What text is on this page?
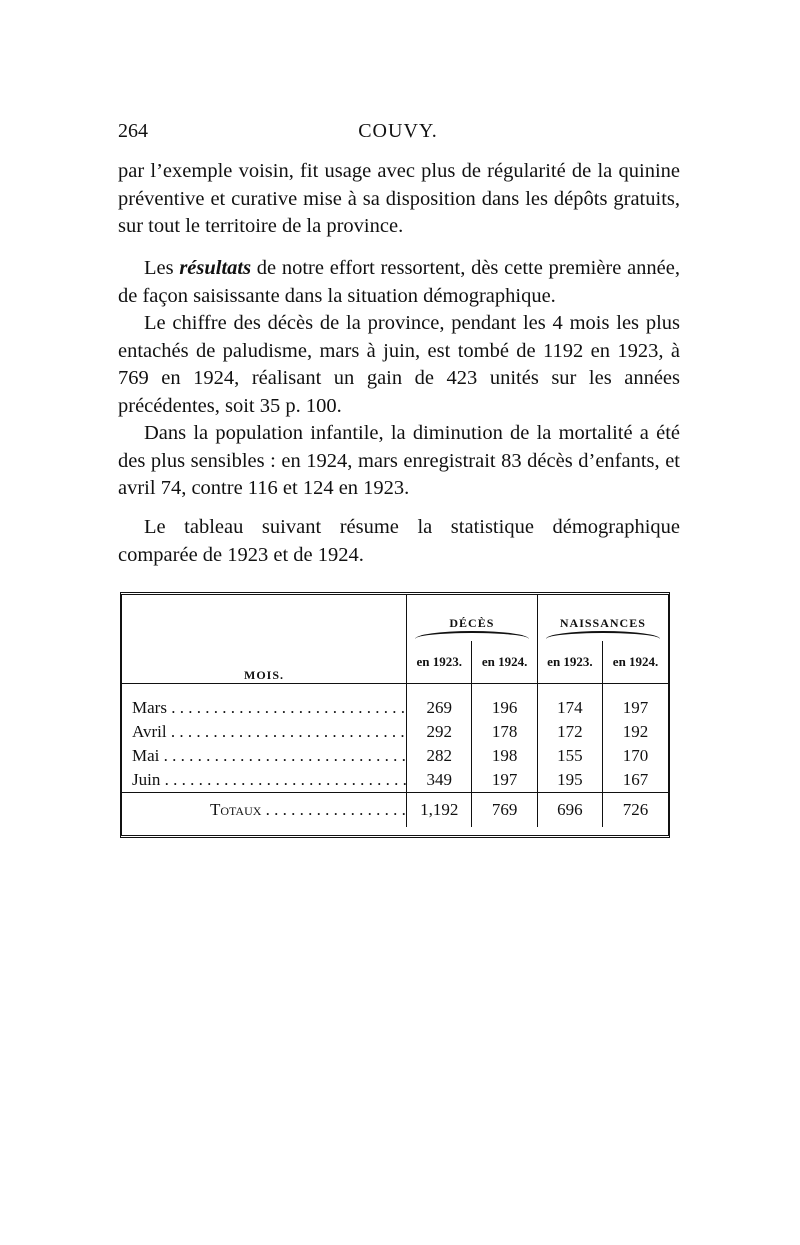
264	COUVY.

par l’exemple voisin, fit usage avec plus de régularité de la quinine préventive et curative mise à sa disposition dans les dépôts gratuits, sur tout le territoire de la province.

Les résultats de notre effort ressortent, dès cette première année, de façon saisissante dans la situation démographique.

Le chiffre des décès de la province, pendant les 4 mois les plus entachés de paludisme, mars à juin, est tombé de 1192 en 1923, à 769 en 1924, réalisant un gain de 423 unités sur les années précédentes, soit 35 p. 100.

Dans la population infantile, la diminution de la mortalité a été des plus sensibles : en 1924, mars enregistrait 83 décès d’enfants, et avril 74, contre 116 et 124 en 1923.

Le tableau suivant résume la statistique démographique comparée de 1923 et de 1924.

MOIS.	DÉCÈS		NAISSANCES	

	en 1923.	en 1924.	en 1923.	en 1924.

Mars . . .	269	196	174	197
Avril . . .	292	178	172	192
Mai . . .	282	198	155	170
Juin . . .	349	197	195	167
Totaux . . .	1,192	769	696	726
